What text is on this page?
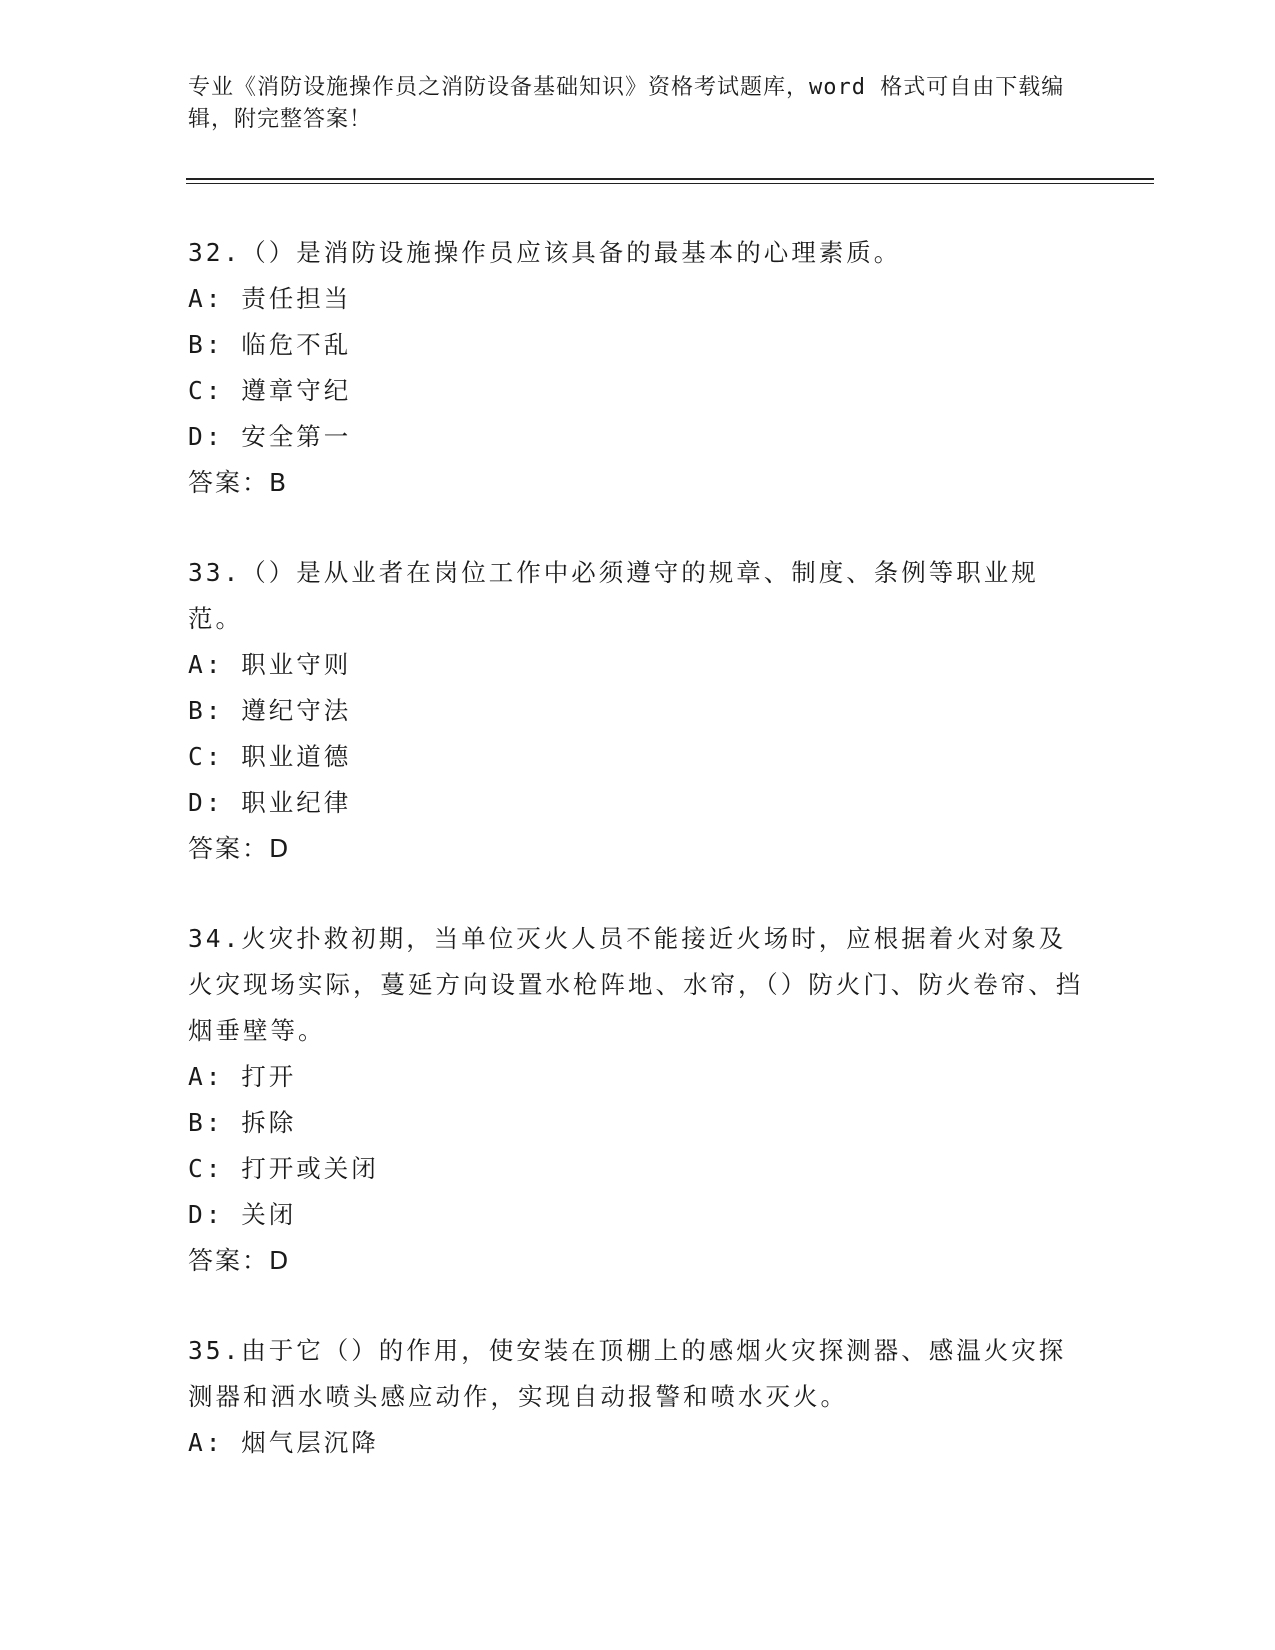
专业《消防设施操作员之消防设备基础知识》资格考试题库，word 格式可自由下载编辑，附完整答案！

32.（）是消防设施操作员应该具备的最基本的心理素质。

A: 责任担当

B: 临危不乱

C: 遵章守纪

D: 安全第一

答案：B

33.（）是从业者在岗位工作中必须遵守的规章、制度、条例等职业规范。

A: 职业守则

B: 遵纪守法

C: 职业道德

D: 职业纪律

答案：D

34.火灾扑救初期，当单位灭火人员不能接近火场时，应根据着火对象及火灾现场实际，蔓延方向设置水枪阵地、水帘，（）防火门、防火卷帘、挡烟垂壁等。

A: 打开

B: 拆除

C: 打开或关闭

D: 关闭

答案：D

35.由于它（）的作用，使安装在顶棚上的感烟火灾探测器、感温火灾探测器和洒水喷头感应动作，实现自动报警和喷水灭火。

A: 烟气层沉降
